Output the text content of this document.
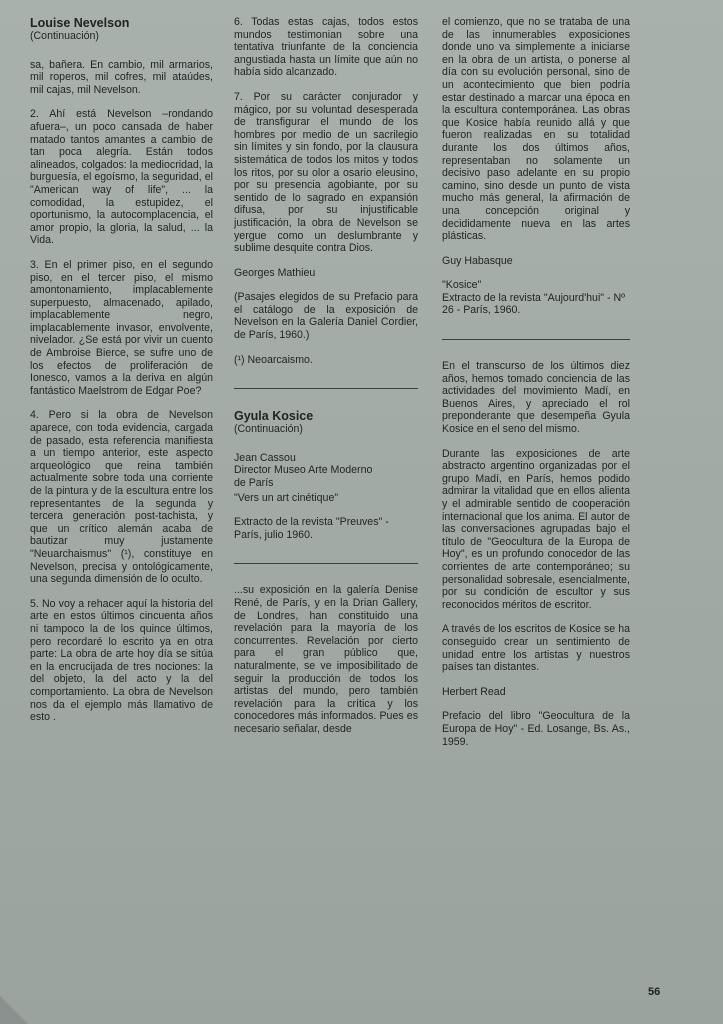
Louise Nevelson
(Continuación)

sa, bañera. En cambio, mil armarios, mil roperos, mil cofres, mil ataúdes, mil cajas, mil Nevelson.

2. Ahí está Nevelson –rondando afuera–, un poco cansada de haber matado tantos amantes a cambio de tan poca alegría. Están todos alineados, colgados: la mediocridad, la burguesía, el egoísmo, la seguridad, el "American way of life", ... la comodidad, la estupidez, el oportunismo, la autocomplacencia, el amor propio, la gloria, la salud, ... la Vida.

3. En el primer piso, en el segundo piso, en el tercer piso, el mismo amontonamiento, implacablemente superpuesto, almacenado, apilado, implacablemente negro, implacablemente invasor, envolvente, nivelador. ¿Se está por vivir un cuento de Ambroise Bierce, se sufre uno de los efectos de proliferación de Ionesco, vamos a la deriva en algún fantástico Maelstrom de Edgar Poe?

4. Pero si la obra de Nevelson aparece, con toda evidencia, cargada de pasado, esta referencia manifiesta a un tiempo anterior, este aspecto arqueológico que reina también actualmente sobre toda una corriente de la pintura y de la escultura entre los representantes de la segunda y tercera generación post-tachista, y que un crítico alemán acaba de bautizar muy justamente "Neuarchaismus" (¹), constituye en Nevelson, precisa y ontológicamente, una segunda dimensión de lo oculto.

5. No voy a rehacer aquí la historia del arte en estos últimos cincuenta años ni tampoco la de los quince últimos, pero recordaré lo escrito ya en otra parte: La obra de arte hoy día se sitúa en la encrucijada de tres nociones: la del objeto, la del acto y la del comportamiento. La obra de Nevelson nos da el ejemplo más llamativo de esto .

6. Todas estas cajas, todos estos mundos testimonian sobre una tentativa triunfante de la conciencia angustiada hasta un límite que aún no había sido alcanzado.

7. Por su carácter conjurador y mágico, por su voluntad desesperada de transfigurar el mundo de los hombres por medio de un sacrilegio sin límites y sin fondo, por la clausura sistemática de todos los mitos y todos los ritos, por su olor a osario eleusino, por su presencia agobiante, por su sentido de lo sagrado en expansión difusa, por su injustificable justificación, la obra de Nevelson se yergue como un deslumbrante y sublime desquite contra Dios.

Georges Mathieu

(Pasajes elegidos de su Prefacio para el catálogo de la exposición de Nevelson en la Galería Daniel Cordier, de París, 1960.)

(¹) Neoarcaismo.

Gyula Kosice
(Continuación)
Jean Cassou
Director Museo Arte Moderno
de París

"Vers un art cinétique"

Extracto de la revista "Preuves" - París, julio 1960.

...su exposición en la galería Denise René, de París, y en la Drian Gallery, de Londres, han constituido una revelación para la mayoría de los concurrentes. Revelación por cierto para el gran público que, naturalmente, se ve imposibilitado de seguir la producción de todos los artistas del mundo, pero también revelación para la crítica y los conocedores más informados. Pues es necesario señalar, desde

el comienzo, que no se trataba de una de las innumerables exposiciones donde uno va simplemente a iniciarse en la obra de un artista, o ponerse al día con su evolución personal, sino de un acontecimiento que bien podría estar destinado a marcar una época en la escultura contemporánea. Las obras que Kosice había reunido allá y que fueron realizadas en su totalidad durante los dos últimos años, representaban no solamente un decisivo paso adelante en su propio camino, sino desde un punto de vista mucho más general, la afirmación de una concepción original y decididamente nueva en las artes plásticas.

Guy Habasque

"Kosice"

Extracto de la revista "Aujourd'hui" - Nº 26 - París, 1960.

En el transcurso de los últimos diez años, hemos tomado conciencia de las actividades del movimiento Madí, en Buenos Aires, y apreciado el rol preponderante que desempeña Gyula Kosice en el seno del mismo.

Durante las exposiciones de arte abstracto argentino organizadas por el grupo Madí, en París, hemos podido admirar la vitalidad que en ellos alienta y el admirable sentido de cooperación internacional que los anima. El autor de las conversaciones agrupadas bajo el título de "Geocultura de la Europa de Hoy", es un profundo conocedor de las corrientes de arte contemporáneo; su personalidad sobresale, esencialmente, por su condición de escultor y sus reconocidos méritos de escritor.

A través de los escritos de Kosice se ha conseguido crear un sentimiento de unidad entre los artistas y nuestros países tan distantes.

Herbert Read

Prefacio del libro "Geocultura de la Europa de Hoy" - Ed. Losange, Bs. As., 1959.

56
